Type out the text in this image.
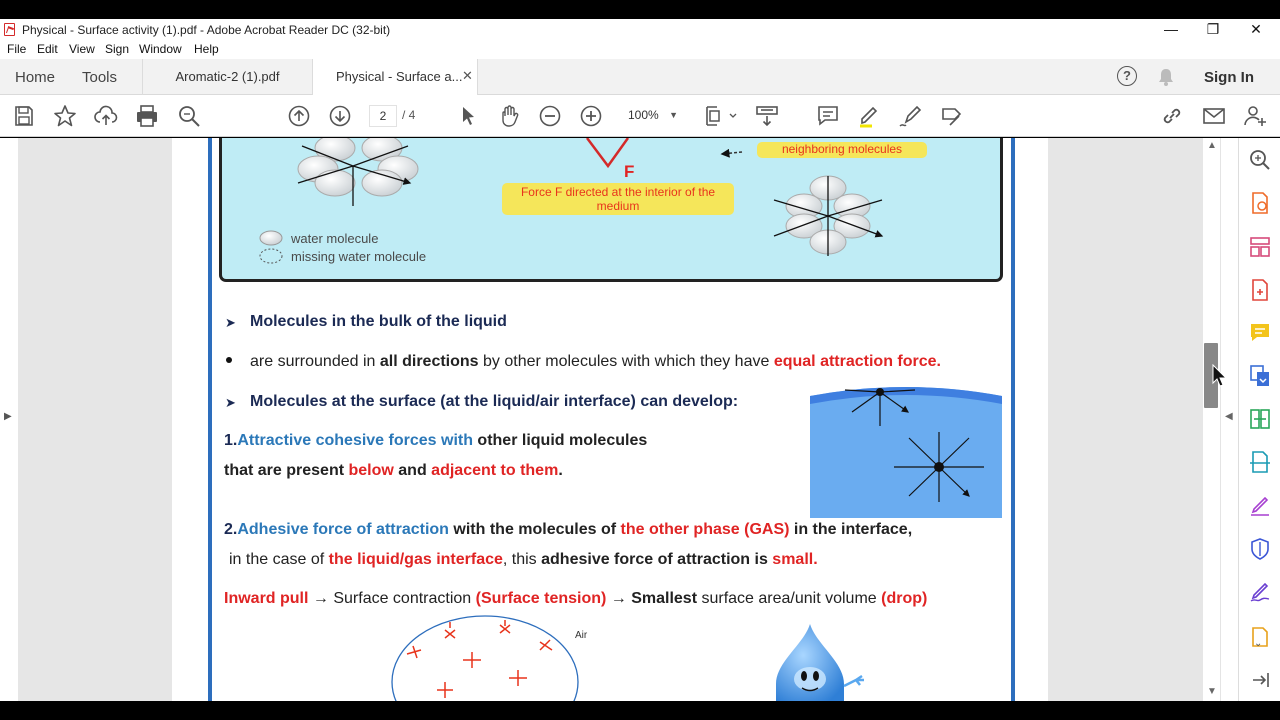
Physical - Surface activity (1).pdf - Adobe Acrobat Reader DC (32-bit)	—	❐	✕
File Edit View Sign Window Help
Home Tools	Aromatic-2 (1).pdf	Physical - Surface a... ✕	?	Sign In
2	/ 4	100% ▼
▶
▲
▼
◀
F
neighboring molecules
Force F directed at the interior of the medium
water molecule
missing water molecule
➤ Molecules in the bulk of the liquid
are surrounded in all directions by other molecules with which they have equal attraction force.
➤ Molecules at the surface (at the liquid/air interface) can develop:
1.Attractive cohesive forces with other liquid molecules
that are present below and adjacent to them.
2.Adhesive force of attraction with the molecules of the other phase (GAS) in the interface,
in the case of the liquid/gas interface, this adhesive force of attraction is small.
Inward pull → Surface contraction (Surface tension) → Smallest surface area/unit volume (drop)
Air
⌄
